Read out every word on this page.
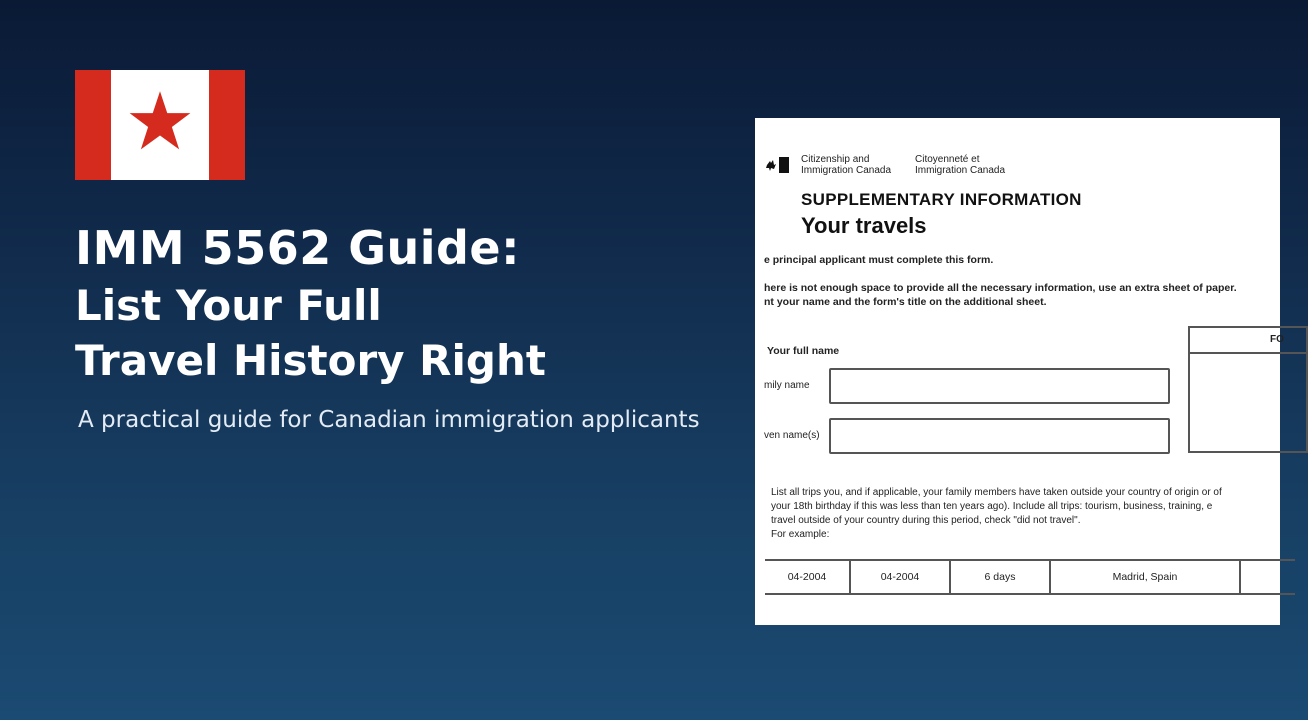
IMM 5562 Guide:
List Your Full
Travel History Right
A practical guide for Canadian immigration applicants
Citizenship and
Immigration Canada
Citoyenneté et
Immigration Canada
SUPPLEMENTARY INFORMATION
Your travels
e principal applicant must complete this form.
here is not enough space to provide all the necessary information, use an extra sheet of paper.
nt your name and the form's title on the additional sheet.
Your full name
mily name
ven name(s)
FO
List all trips you, and if applicable, your family members have taken outside your country of origin or of
your 18th birthday if this was less than ten years ago). Include all trips: tourism, business, training, e
travel outside of your country during this period, check "did not travel".
For example:
04-2004	04-2004	6 days	Madrid, Spain
